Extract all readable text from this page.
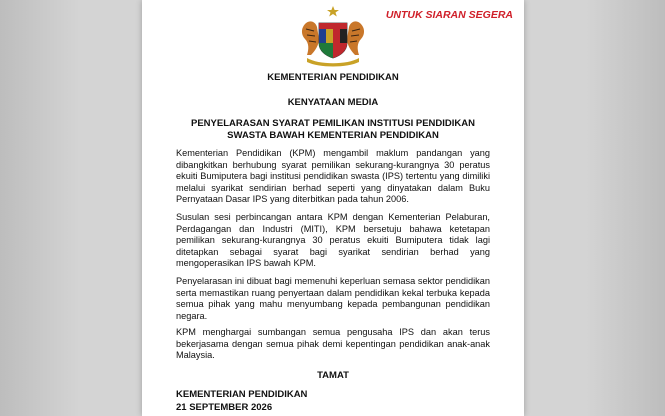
UNTUK SIARAN SEGERA
KEMENTERIAN PENDIDIKAN
KENYATAAN MEDIA
PENYELARASAN SYARAT PEMILIKAN INSTITUSI PENDIDIKAN
SWASTA BAWAH KEMENTERIAN PENDIDIKAN

Kementerian Pendidikan (KPM) mengambil maklum pandangan yang dibangkitkan berhubung syarat pemilikan sekurang-kurangnya 30 peratus ekuiti Bumiputera bagi institusi pendidikan swasta (IPS) tertentu yang dimiliki melalui syarikat sendirian berhad seperti yang dinyatakan dalam Buku Pernyataan Dasar IPS yang diterbitkan pada tahun 2006.

Susulan sesi perbincangan antara KPM dengan Kementerian Pelaburan, Perdagangan dan Industri (MITI), KPM bersetuju bahawa ketetapan pemilikan sekurang-kurangnya 30 peratus ekuiti Bumiputera tidak lagi ditetapkan sebagai syarat bagi syarikat sendirian berhad yang mengoperasikan IPS bawah KPM.

Penyelarasan ini dibuat bagi memenuhi keperluan semasa sektor pendidikan serta memastikan ruang penyertaan dalam pendidikan kekal terbuka kepada semua pihak yang mahu menyumbang kepada pembangunan pendidikan negara.

KPM menghargai sumbangan semua pengusaha IPS dan akan terus bekerjasama dengan semua pihak demi kepentingan pendidikan anak-anak Malaysia.

TAMAT
KEMENTERIAN PENDIDIKAN
21 SEPTEMBER 2026
